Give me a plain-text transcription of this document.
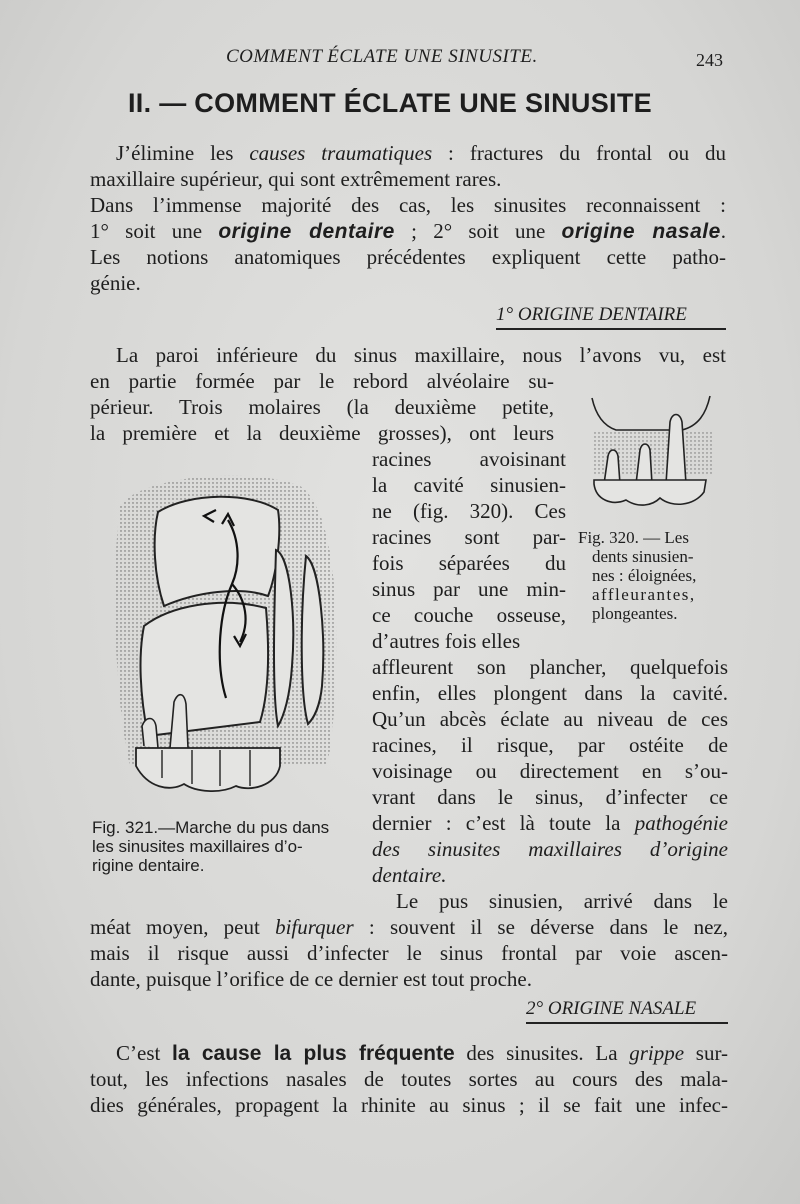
COMMENT ÉCLATE UNE SINUSITE.	243
II. — COMMENT ÉCLATE UNE SINUSITE
J’élimine les causes traumatiques : fractures du frontal ou du
maxillaire supérieur, qui sont extrêmement rares.
Dans l’immense majorité des cas, les sinusites reconnaissent :
1° soit une origine dentaire ; 2° soit une origine nasale.
Les notions anatomiques précédentes expliquent cette patho-
génie.
1° ORIGINE DENTAIRE
La paroi inférieure du sinus maxillaire, nous l’avons vu, est
en partie formée par le rebord alvéolaire su-
périeur. Trois molaires (la deuxième petite,
la première et la deuxième grosses), ont leurs
racines avoisinant
la cavité sinusien-
ne (fig. 320). Ces
racines sont par-
fois séparées du
sinus par une min-
ce couche osseuse,
d’autres fois elles
affleurent son plancher, quelquefois
enfin, elles plongent dans la cavité.
Qu’un abcès éclate au niveau de ces
racines, il risque, par ostéite de
voisinage ou directement en s’ou-
vrant dans le sinus, d’infecter ce
dernier : c’est là toute la pathogénie
des sinusites maxillaires d’origine
dentaire.
Le pus sinusien, arrivé dans le
méat moyen, peut bifurquer : souvent il se déverse dans le nez,
mais il risque aussi d’infecter le sinus frontal par voie ascen-
dante, puisque l’orifice de ce dernier est tout proche.
Fig. 320. — Les
dents sinusien-
nes : éloignées,
affleurantes,
plongeantes.
Fig. 321.—Marche du pus dans
les sinusites maxillaires d’o-
rigine dentaire.
2° ORIGINE NASALE
C’est la cause la plus fréquente des sinusites. La grippe sur-
tout, les infections nasales de toutes sortes au cours des mala-
dies générales, propagent la rhinite au sinus ; il se fait une infec-
